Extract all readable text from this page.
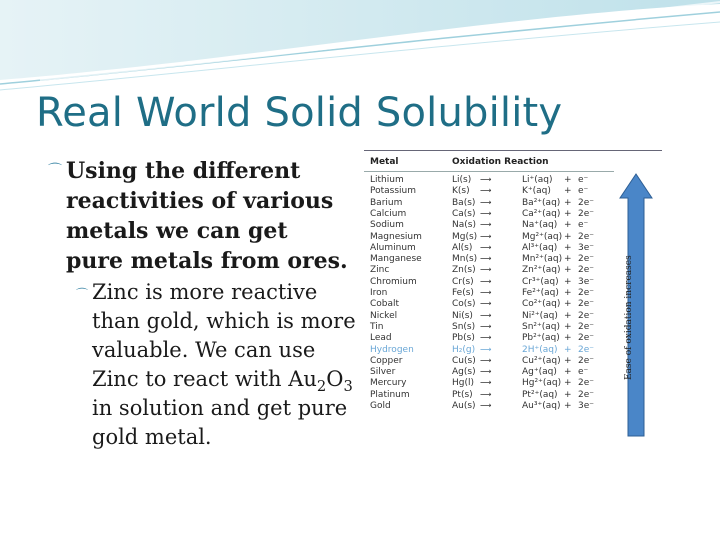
Real World Solid Solubility
⌒ Using the different reactivities of various metals we can get pure metals from ores.
⌒ Zinc is more reactive than gold, which is more valuable. We can use Zinc to react with $Au_2O_3$ in solution and get pure gold metal.
Metal	Oxidation Reaction
Lithium	Li(s) ⟶	Li⁺(aq) + e⁻
Potassium	K(s) ⟶	K⁺(aq) + e⁻
Barium	Ba(s) ⟶	Ba²⁺(aq) + 2e⁻
Calcium	Ca(s) ⟶	Ca²⁺(aq) + 2e⁻
Sodium	Na(s) ⟶	Na⁺(aq) + e⁻
Magnesium	Mg(s) ⟶	Mg²⁺(aq) + 2e⁻
Aluminum	Al(s) ⟶	Al³⁺(aq) + 3e⁻
Manganese	Mn(s) ⟶	Mn²⁺(aq) + 2e⁻
Zinc	Zn(s) ⟶	Zn²⁺(aq) + 2e⁻
Chromium	Cr(s) ⟶	Cr³⁺(aq) + 3e⁻
Iron	Fe(s) ⟶	Fe²⁺(aq) + 2e⁻
Cobalt	Co(s) ⟶	Co²⁺(aq) + 2e⁻
Nickel	Ni(s) ⟶	Ni²⁺(aq) + 2e⁻
Tin	Sn(s) ⟶	Sn²⁺(aq) + 2e⁻
Lead	Pb(s) ⟶	Pb²⁺(aq) + 2e⁻
Hydrogen	H₂(g) ⟶	2H⁺(aq) + 2e⁻
Copper	Cu(s) ⟶	Cu²⁺(aq) + 2e⁻
Silver	Ag(s) ⟶	Ag⁺(aq) + e⁻
Mercury	Hg(l) ⟶	Hg²⁺(aq) + 2e⁻
Platinum	Pt(s) ⟶	Pt²⁺(aq) + 2e⁻
Gold	Au(s) ⟶	Au³⁺(aq) + 3e⁻
Ease of oxidation increases
